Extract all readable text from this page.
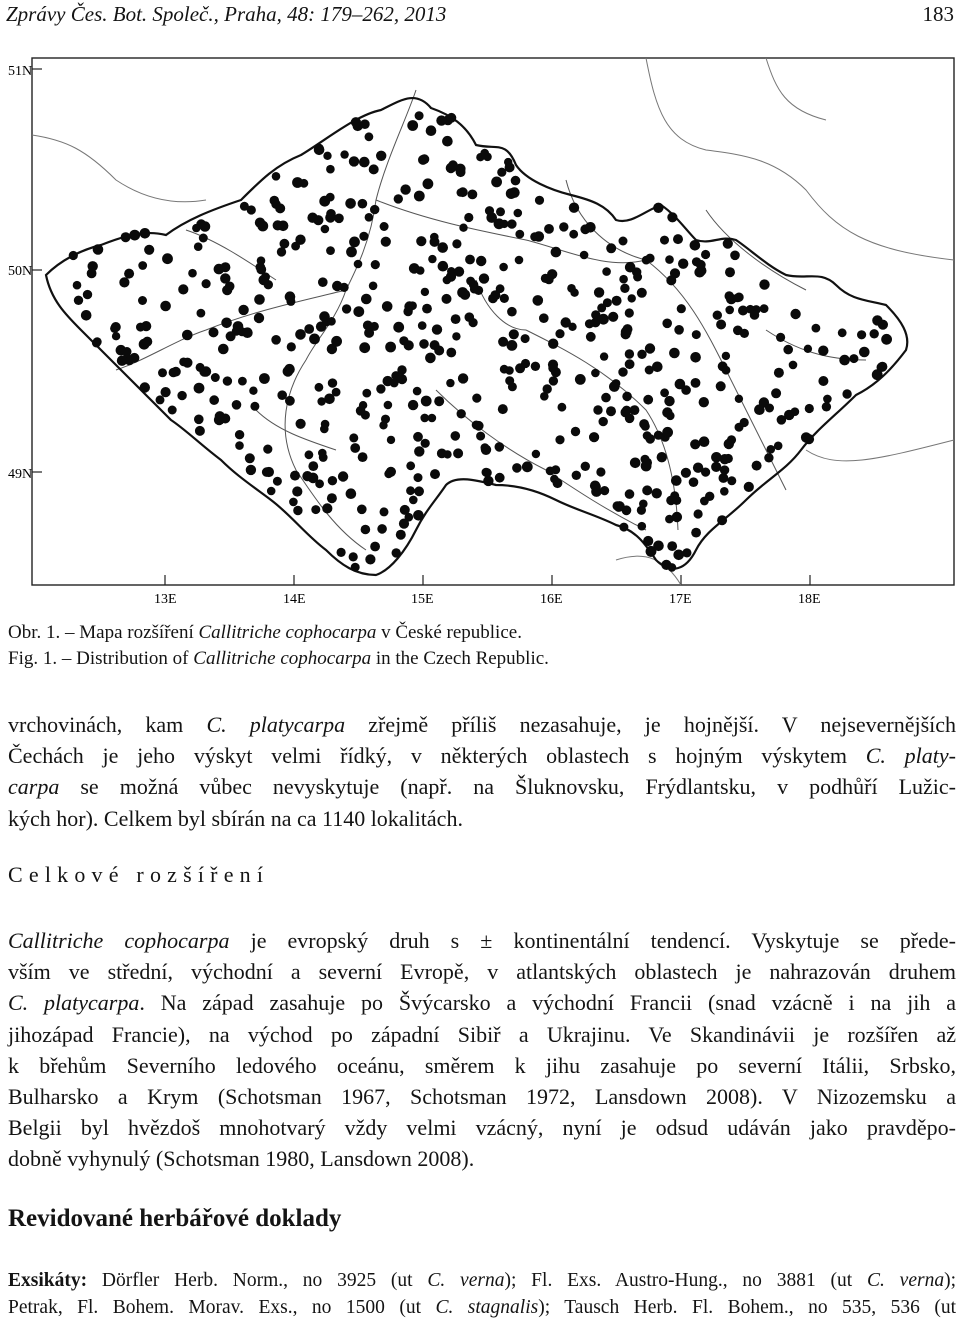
Zprávy Čes. Bot. Společ., Praha, 48: 179–262, 2013	183
51N
50N
49N
13E	14E	15E	16E	17E	18E
Obr. 1. – Mapa rozšíření Callitriche cophocarpa v České republice.
Fig. 1. – Distribution of Callitriche cophocarpa in the Czech Republic.
vrchovinách, kam C. platycarpa zřejmě příliš nezasahuje, je hojnější. V nejsevernějších
Čechách je jeho výskyt velmi řídký, v některých oblastech s hojným výskytem C. platy-
carpa se možná vůbec nevyskytuje (např. na Šluknovsku, Frýdlantsku, v podhůří Lužic-
kých hor). Celkem byl sbírán na ca 1140 lokalitách.
Celkové rozšíření
Callitriche cophocarpa je evropský druh s ± kontinentální tendencí. Vyskytuje se přede-
vším ve střední, východní a severní Evropě, v atlantských oblastech je nahrazován druhem
C. platycarpa. Na západ zasahuje po Švýcarsko a východní Francii (snad vzácně i na jih a
jihozápad Francie), na východ po západní Sibiř a Ukrajinu. Ve Skandinávii je rozšířen až
k břehům Severního ledového oceánu, směrem k jihu zasahuje po severní Itálii, Srbsko,
Bulharsko a Krym (Schotsman 1967, Schotsman 1972, Lansdown 2008). V Nizozemsku a
Belgii byl hvězdoš mnohotvarý vždy velmi vzácný, nyní je odsud udáván jako pravděpo-
dobně vyhynulý (Schotsman 1980, Lansdown 2008).
Revidované herbářové doklady
Exsikáty: Dörfler Herb. Norm., no 3925 (ut C. verna); Fl. Exs. Austro-Hung., no 3881 (ut C. verna);
Petrak, Fl. Bohem. Morav. Exs., no 1500 (ut C. stagnalis); Tausch Herb. Fl. Bohem., no 535, 536 (ut
